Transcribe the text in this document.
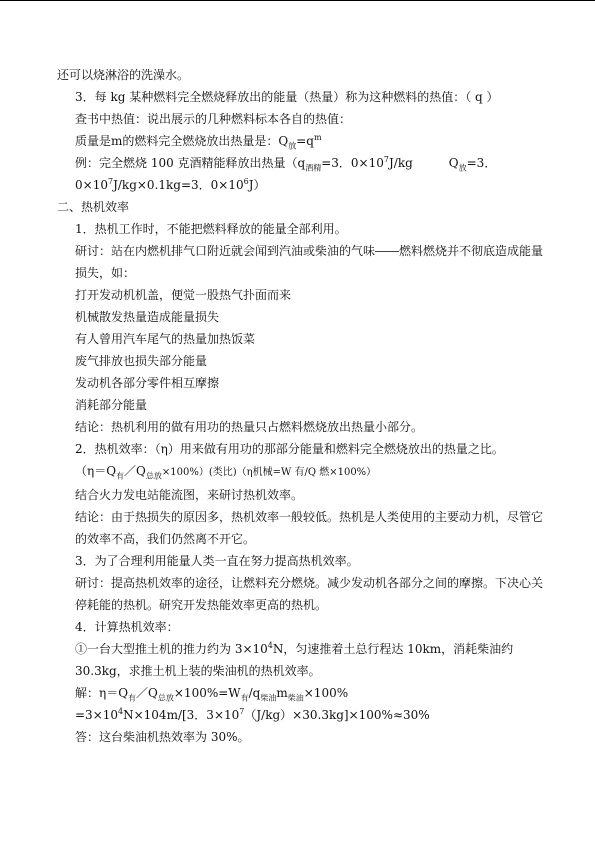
还可以烧淋浴的洗澡水。
3．每 kg 某种燃料完全燃烧释放出的能量（热量）称为这种燃料的热值：（ q ）
查书中热值：说出展示的几种燃料标本各自的热值：
质量是m的燃料完全燃烧放出热量是：$Q_放=q^m$
例：完全燃烧 100 克酒精能释放出热量（$q_{酒精}=3$．$0\times 10^7J/kg$　　　$Q_放=3$．$0\times 10^7J/kg\times 0.1kg=3$．$0\times 10^6J$）
二、热机效率
1．热机工作时，不能把燃料释放的能量全部利用。
研讨：站在内燃机排气口附近就会闻到汽油或柴油的气味――燃料燃烧并不彻底造成能量损失，如：
打开发动机机盖，便觉一股热气扑面而来
机械散发热量造成能量损失
有人曾用汽车尾气的热量加热饭菜
废气排放也损失部分能量
发动机各部分零件相互摩擦
消耗部分能量
结论：热机利用的做有用功的热量只占燃料燃烧放出热量小部分。
2．热机效率：（η）用来做有用功的那部分能量和燃料完全燃烧放出的热量之比。
$(\eta=Q_有/Q_{总放}\times 100\%)$(类比)（η机械=W 有/Q 燃×100%）
结合火力发电站能流图，来研讨热机效率。
结论：由于热损失的原因多，热机效率一般较低。热机是人类使用的主要动力机，尽管它的效率不高，我们仍然离不开它。
3．为了合理利用能量人类一直在努力提高热机效率。
研讨：提高热机效率的途径，让燃料充分燃烧。减少发动机各部分之间的摩擦。下决心关停耗能的热机。研究开发热能效率更高的热机。
4．计算热机效率：
①一台大型推土机的推力约为 $3\times 10^4N$，匀速推着土总行程达 10km，消耗柴油约 30.3kg，求推土机上装的柴油机的热机效率。
解：$\eta=Q_有/Q_{总放}\times 100\%=W_有/q_{柴油}m_{柴油}\times 100\%$
$=3\times 10^4N\times 104m/[3$．$3\times 10^7(J/kg)\times 30.3kg]\times 100\%\approx 30\%$
答：这台柴油机热效率为 30%。
